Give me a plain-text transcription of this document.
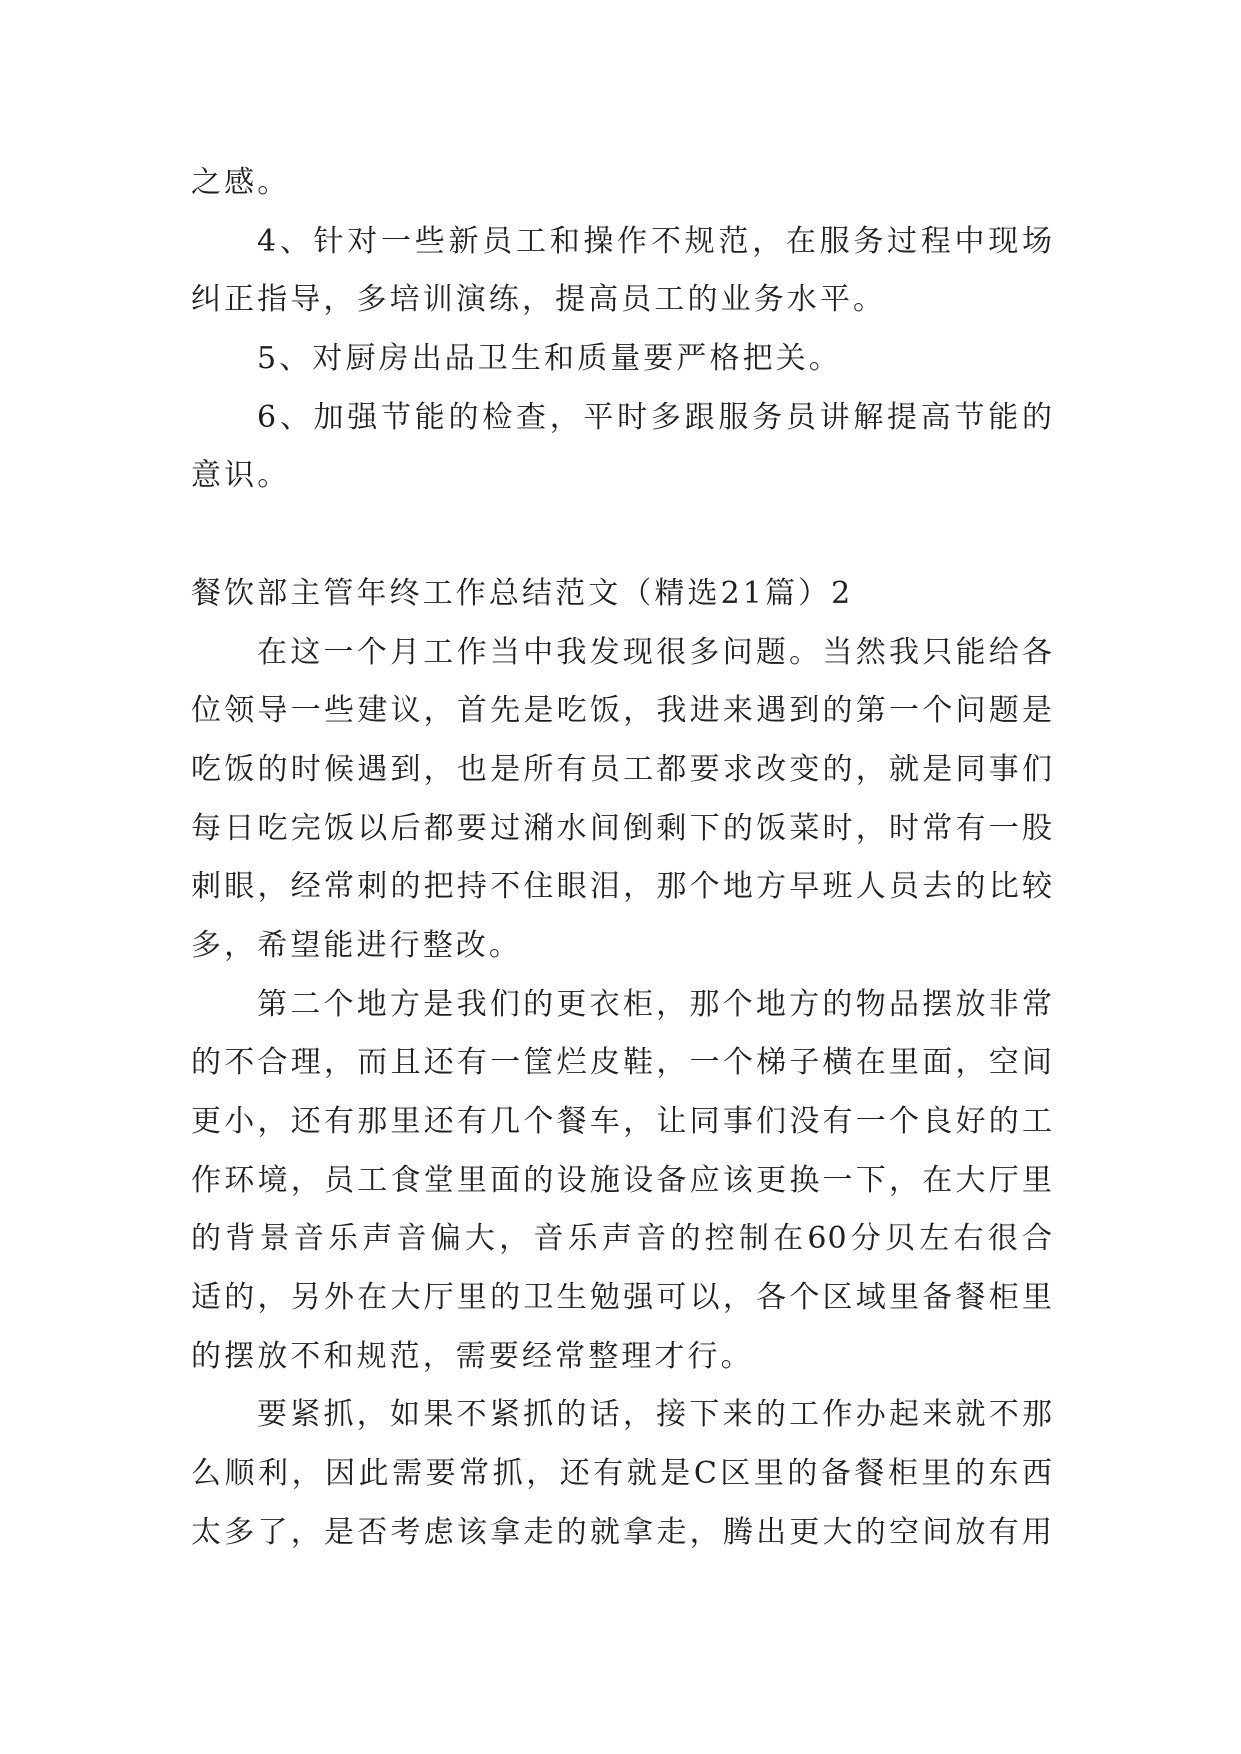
之感。
4、针对一些新员工和操作不规范，在服务过程中现场
纠正指导，多培训演练，提高员工的业务水平。
5、对厨房出品卫生和质量要严格把关。
6、加强节能的检查，平时多跟服务员讲解提高节能的
意识。
餐饮部主管年终工作总结范文（精选21篇）2
在这一个月工作当中我发现很多问题。当然我只能给各
位领导一些建议，首先是吃饭，我进来遇到的第一个问题是
吃饭的时候遇到，也是所有员工都要求改变的，就是同事们
每日吃完饭以后都要过潲水间倒剩下的饭菜时，时常有一股
刺眼，经常刺的把持不住眼泪，那个地方早班人员去的比较
多，希望能进行整改。
第二个地方是我们的更衣柜，那个地方的物品摆放非常
的不合理，而且还有一筐烂皮鞋，一个梯子横在里面，空间
更小，还有那里还有几个餐车，让同事们没有一个良好的工
作环境，员工食堂里面的设施设备应该更换一下，在大厅里
的背景音乐声音偏大，音乐声音的控制在60分贝左右很合
适的，另外在大厅里的卫生勉强可以，各个区域里备餐柜里
的摆放不和规范，需要经常整理才行。
要紧抓，如果不紧抓的话，接下来的工作办起来就不那
么顺利，因此需要常抓，还有就是C区里的备餐柜里的东西
太多了，是否考虑该拿走的就拿走，腾出更大的空间放有用
